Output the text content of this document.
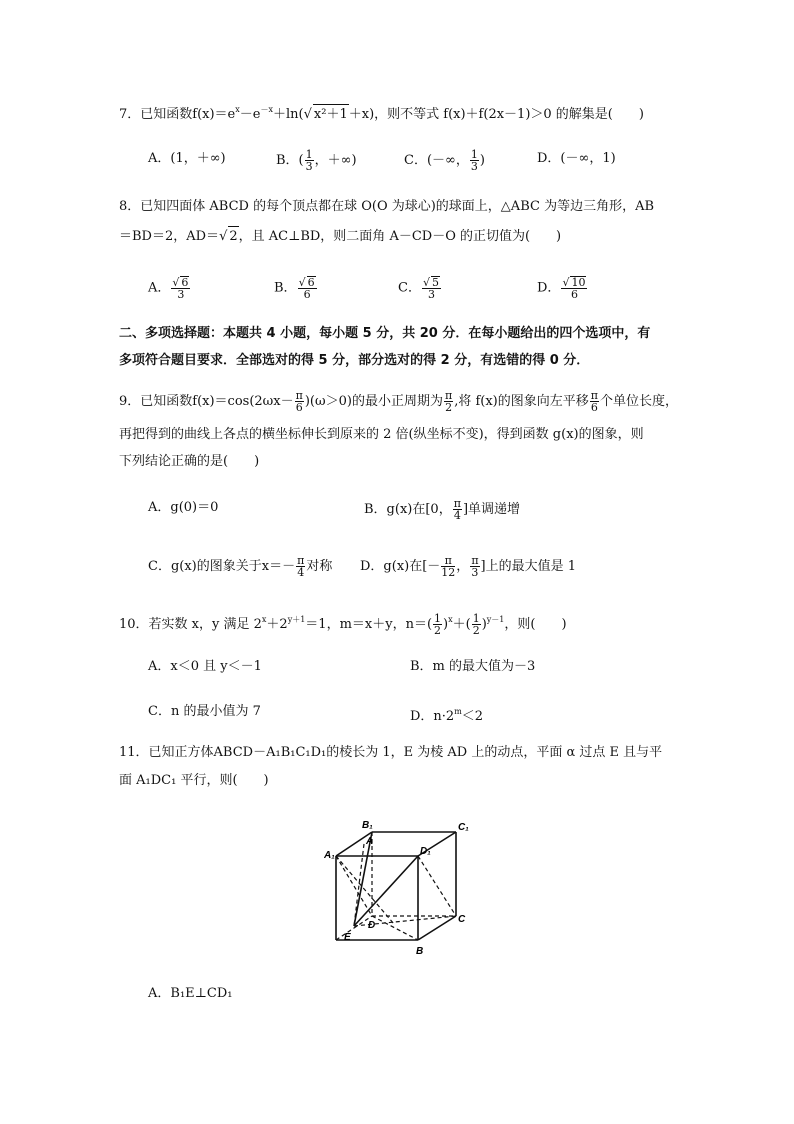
7．已知函数$f(x)=e^x-e^{-x}+\ln(√$ x²＋1＋x)，则不等式 f(x)＋f(2x－1)＞0 的解集是(　　)
A．(1，＋∞)	B．( $\frac{1}{3}$ ，＋∞)	C．(－∞， $\frac{1}{3}$ )	D．(－∞，1)
8．已知四面体 ABCD 的每个顶点都在球 O(O 为球心)的球面上，△ABC 为等边三角形，AB
＝BD＝2，AD＝√ 2，且 AC⊥BD，则二面角 A－CD－O 的正切值为(　　)
A． $\frac{√ 6}{3}$	B． $\frac{√ 6}{6}$	C． $\frac{√ 5}{3}$	D． $\frac{√ 10}{6}$
二、多项选择题：本题共 4 小题，每小题 5 分，共 20 分．在每小题给出的四个选项中，有
多项符合题目要求．全部选对的得 5 分，部分选对的得 2 分，有选错的得 0 分．
9．已知函数$f(x)=\cos(2\omega x- \frac{\pi}{6} )(\omega>0)$的最小正周期为 $\frac{\pi}{2}$ ,将 f(x)的图象向左平移 $\frac{\pi}{6}$ 个单位长度，
再把得到的曲线上各点的横坐标伸长到原来的 2 倍(纵坐标不变)，得到函数 g(x)的图象，则
下列结论正确的是(　　)
A．g(0)＝0	B．g(x)在[0， $\frac{\pi}{4}$ ]单调递增
C．g(x)的图象关于$x=- \frac{\pi}{4}$ 对称 D．g(x)在[－ $\frac{\pi}{12}$ ， $\frac{\pi}{3}$ ]上的最大值是 1
10．若实数 x，y 满足 $2^x+2^{y+1}=1$，m＝x＋y，$n=( \frac{1}{2} )^x+( \frac{1}{2} )^{y-1}$，则(　　)
A．x＜0 且 y＜－1	B．m 的最大值为－3
C．n 的最小值为 7	D．$n\cdot 2^m<2$
11．已知正方体ABCD－A₁B₁C₁D₁的棱长为 1，E 为棱 AD 上的动点，平面 α 过点 E 且与平
面 A₁DC₁ 平行，则(　　)
B₁	C₁
A₁	D₁
A
D
E
C
B
A．B₁E⊥CD₁
